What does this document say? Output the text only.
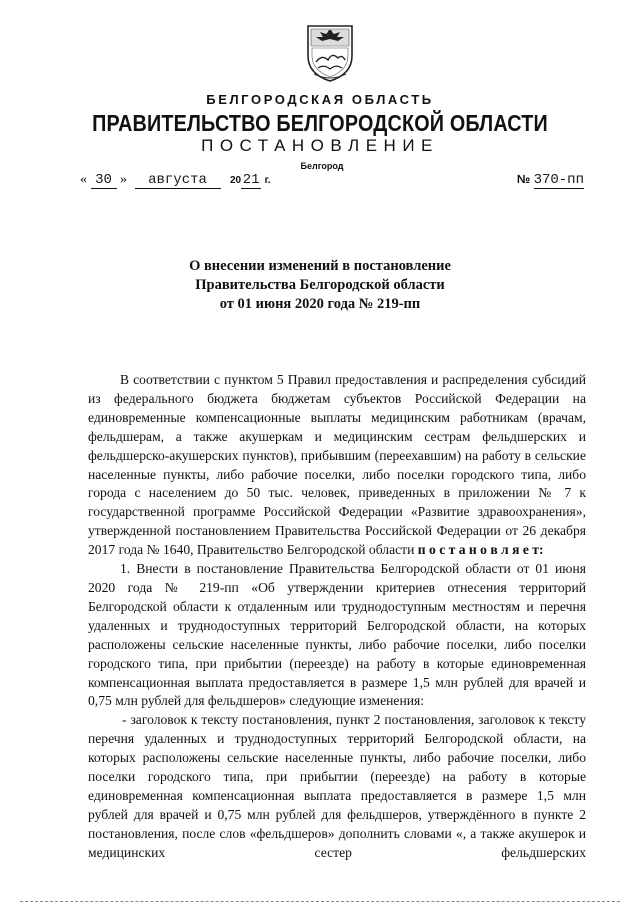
БЕЛГОРОДСКАЯ ОБЛАСТЬ
ПРАВИТЕЛЬСТВО БЕЛГОРОДСКОЙ ОБЛАСТИ
ПОСТАНОВЛЕНИЕ
Белгород
« 30 » августа 20 21 г.	№ 370-пп
О внесении изменений в постановление
Правительства Белгородской области
от 01 июня 2020 года № 219-пп

В соответствии с пунктом 5 Правил предоставления и распределения субсидий из федерального бюджета бюджетам субъектов Российской Федерации на единовременные компенсационные выплаты медицинским работникам (врачам, фельдшерам, а также акушеркам и медицинским сестрам фельдшерских и фельдшерско-акушерских пунктов), прибывшим (переехавшим) на работу в сельские населенные пункты, либо рабочие поселки, либо поселки городского типа, либо города с населением до 50 тыс. человек, приведенных в приложении № 7 к государственной программе Российской Федерации «Развитие здравоохранения», утвержденной постановлением Правительства Российской Федерации от 26 декабря 2017 года № 1640, Правительство Белгородской области п о с т а н о в л я е т:

1. Внести в постановление Правительства Белгородской области от 01 июня 2020 года № 219-пп «Об утверждении критериев отнесения территорий Белгородской области к отдаленным или труднодоступным местностям и перечня удаленных и труднодоступных территорий Белгородской области, на которых расположены сельские населенные пункты, либо рабочие поселки, либо поселки городского типа, при прибытии (переезде) на работу в которые единовременная компенсационная выплата предоставляется в размере 1,5 млн рублей для врачей и 0,75 млн рублей для фельдшеров» следующие изменения:

- заголовок к тексту постановления, пункт 2 постановления, заголовок к тексту перечня удаленных и труднодоступных территорий Белгородской области, на которых расположены сельские населенные пункты, либо рабочие поселки, либо поселки городского типа, при прибытии (переезде) на работу в которые единовременная компенсационная выплата предоставляется в размере 1,5 млн рублей для врачей и 0,75 млн рублей для фельдшеров, утверждённого в пункте 2 постановления, после слов «фельдшеров» дополнить словами «, а также акушерок и медицинских сестер фельдшерских
